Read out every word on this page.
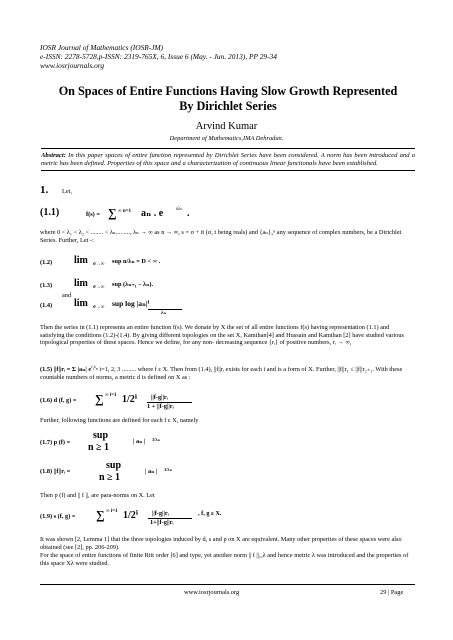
IOSR Journal of Mathematics (IOSR-JM)
e-ISSN: 2278-5728,p-ISSN: 2319-765X, 6, Issue 6 (May. - Jun. 2013), PP 29-34
www.iosrjournals.org
On Spaces of Entire Functions Having Slow Growth Represented
By Dirichlet Series
Arvind Kumar
Department of Mathematics,IMA Dehradun.
Abstract: In this paper spaces of entire function represented by Dirichlet Series have been considered. A norm has been introduced and a metric has been defined. Properties of this space and a characterization of continuous linear functionals have been established.
1. Let,
(1.1)	f(s) = ∑ ∞ n=1 aₙ . e	sλₙ .
where 0 < λ₁ < λ₂ < ........ < λₙ........., λₙ → ∞ as n → ∞, s = σ + it (σ, t being reals) and {aₙ}₁ⁿ any sequence of complex numbers, be a Dirichlet Series. Further, Let -:
(1.2) lim σ→∞ sup n/λₙ = D < ∞ .
(1.3) lim σ→∞ sup (λₙ₊₁ – λₙ).
and
(1.4) lim σ→∞ sup log |aₙ|ⁱ
λₙ
Then the series in (1.1) represents an entire function f(s). We donate by X the set of all entire functions f(s) having representation (1.1) and satisfying the conditions (1.2)-(1.4). By giving different topologies on the set X, Kamthan[4] and Hussain and Kamthan [2] have studied various topological properties of these spaces. Hence we define, for any non- decreasing sequence {rᵢ} of positive numbers, rᵢ → ∞,
(1.5) ||f||rᵢ = Σ |aₙ| $e^{r_i\lambda_n}$ i=1, 2, 3 ......... where f ε X. Then from (1.4), ||f||rᵢ exists for each i and is a form of X. Further, ||f||r₁ ≤ ||f||r₂₊₁. With these countable numbers of norms, a metric d is defined on X as :
(1.6) d (f, g) = ∑ ∞ i=1 1/2ⁱ ||f-g||rᵢ
1 + ||f-g||rᵢ
Further, following functions are defined for each f ε X, namely
(1.7) p (f) =
sup
n ≥ 1
| aₙ | 1/λₙ
(1.8) ||f||rᵢ =
sup
n ≥ 1
| aₙ | 1/λₙ
Then p (f) and || f ||, are para-norms on X. Let
(1.9) s (f, g) = ∑ ∞ i=1 1/2ⁱ ||f-g||rᵢ	, f, g ε X.
1+||f-g||rᵢ
It was shown [2, Lemma 1] that the three topologies induced by d, s and p on X are equivalent. Many other properties of these spaces were also obtained (see [2], pp. 206-209).
For the space of entire functions of finite Ritt order [6] and type, yet another norm || f ||₁,λ and hence metric λ was introduced and the properties of this space Xλ were studied.
www.iosrjournals.org	29 | Page
